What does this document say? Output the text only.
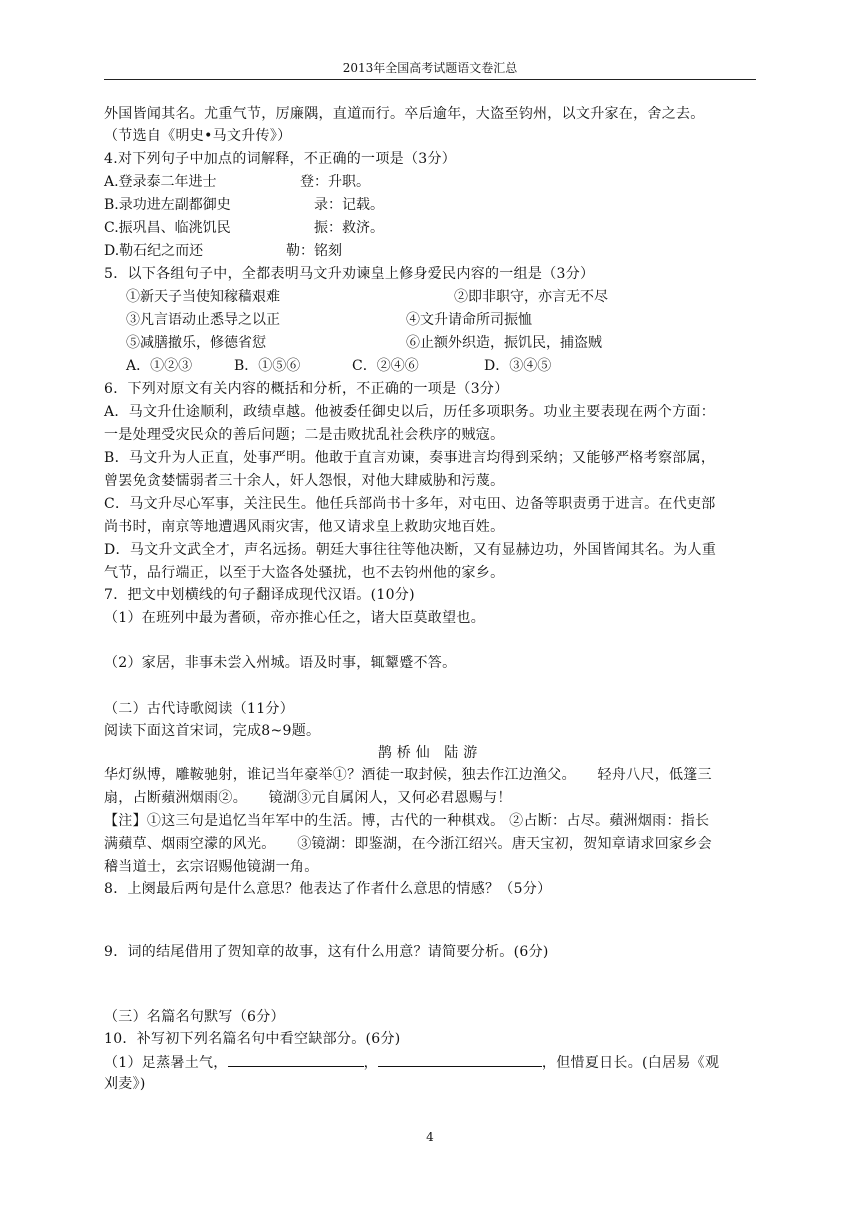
2013年全国高考试题语文卷汇总
外国皆闻其名。尤重气节，厉廉隅，直道而行。卒后逾年，大盗至钧州，以文升家在，舍之去。
（节选自《明史•马文升传》）
4.对下列句子中加点的词解释，不正确的一项是（3分）
A.登录泰二年进士	登：升职。
B.录功进左副都御史	录：记载。
C.振巩昌、临洮饥民	振：救济。
D.勒石纪之而还	勒：铭刻
5．以下各组句子中，全都表明马文升劝谏皇上修身爱民内容的一组是（3分）
①新天子当使知稼穑艰难	②即非职守，亦言无不尽
③凡言语动止悉导之以正	④文升请命所司振恤
⑤减膳撤乐，修德省愆	⑥止额外织造，振饥民，捕盗贼
A．①②③	B．①⑤⑥	C．②④⑥	D．③④⑤
6．下列对原文有关内容的概括和分析，不正确的一项是（3分）
A．马文升仕途顺利，政绩卓越。他被委任御史以后，历任多项职务。功业主要表现在两个方面：
一是处理受灾民众的善后问题；二是击败扰乱社会秩序的贼寇。
B．马文升为人正直，处事严明。他敢于直言劝谏，奏事进言均得到采纳；又能够严格考察部属，
曾罢免贪婪懦弱者三十余人，奸人怨恨，对他大肆威胁和污蔑。
C．马文升尽心军事，关注民生。他任兵部尚书十多年，对屯田、边备等职责勇于进言。在代吏部
尚书时，南京等地遭遇风雨灾害，他又请求皇上救助灾地百姓。
D．马文升文武全才，声名远扬。朝廷大事往往等他决断，又有显赫边功，外国皆闻其名。为人重
气节，品行端正，以至于大盗各处骚扰，也不去钧州他的家乡。
7．把文中划横线的句子翻译成现代汉语。(10分)
（1）在班列中最为耆硕，帝亦推心任之，诸大臣莫敢望也。
（2）家居，非事未尝入州城。语及时事，辄颦蹙不答。
（二）古代诗歌阅读（11分）
阅读下面这首宋词，完成8~9题。
鹊桥仙 陆游
华灯纵博，雕鞍驰射，谁记当年豪举①？酒徒一取封候，独去作江边渔父。　　轻舟八尺，低篷三
扇，占断蘋洲烟雨②。　　镜湖③元自属闲人，又何必君恩赐与！
【注】①这三句是追忆当年军中的生活。博，古代的一种棋戏。 ②占断：占尽。蘋洲烟雨：指长
满蘋草、烟雨空濛的风光。　　③镜湖：即鉴湖，在今浙江绍兴。唐天宝初，贺知章请求回家乡会
稽当道士，玄宗诏赐他镜湖一角。
8．上阕最后两句是什么意思？他表达了作者什么意思的情感？（5分）
9．词的结尾借用了贺知章的故事，这有什么用意？请简要分析。(6分)
（三）名篇名句默写（6分）
10．补写初下列名篇名句中看空缺部分。(6分)
（1）足蒸暑土气，	，	，但惜夏日长。(白居易《观
刈麦》)
4
